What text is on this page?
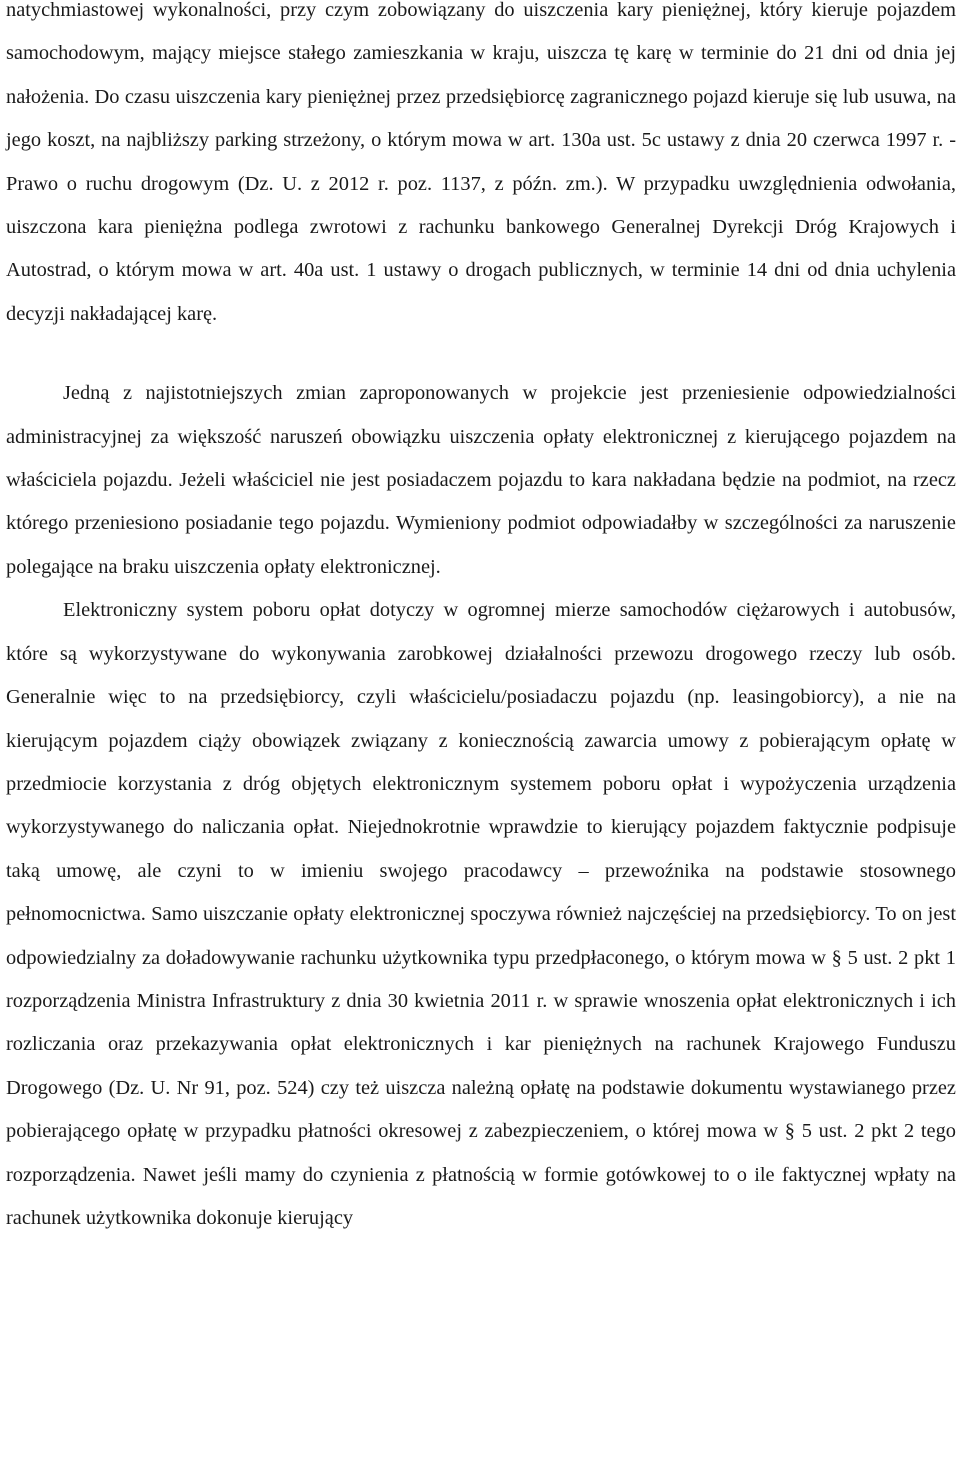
natychmiastowej wykonalności, przy czym zobowiązany do uiszczenia kary pieniężnej, który kieruje pojazdem samochodowym, mający miejsce stałego zamieszkania w kraju, uiszcza tę karę w terminie do 21 dni od dnia jej nałożenia. Do czasu uiszczenia kary pieniężnej przez przedsiębiorcę zagranicznego pojazd kieruje się lub usuwa, na jego koszt, na najbliższy parking strzeżony, o którym mowa w art. 130a ust. 5c ustawy z dnia 20 czerwca 1997 r. - Prawo o ruchu drogowym (Dz. U. z 2012 r. poz. 1137, z późn. zm.). W przypadku uwzględnienia odwołania, uiszczona kara pieniężna podlega zwrotowi z rachunku bankowego Generalnej Dyrekcji Dróg Krajowych i Autostrad, o którym mowa w art. 40a ust. 1 ustawy o drogach publicznych, w terminie 14 dni od dnia uchylenia decyzji nakładającej karę.

Jedną z najistotniejszych zmian zaproponowanych w projekcie jest przeniesienie odpowiedzialności administracyjnej za większość naruszeń obowiązku uiszczenia opłaty elektronicznej z kierującego pojazdem na właściciela pojazdu. Jeżeli właściciel nie jest posiadaczem pojazdu to kara nakładana będzie na podmiot, na rzecz którego przeniesiono posiadanie tego pojazdu. Wymieniony podmiot odpowiadałby w szczególności za naruszenie polegające na braku uiszczenia opłaty elektronicznej.

Elektroniczny system poboru opłat dotyczy w ogromnej mierze samochodów ciężarowych i autobusów, które są wykorzystywane do wykonywania zarobkowej działalności przewozu drogowego rzeczy lub osób. Generalnie więc to na przedsiębiorcy, czyli właścicielu/posiadaczu pojazdu (np. leasingobiorcy), a nie na kierującym pojazdem ciąży obowiązek związany z koniecznością zawarcia umowy z pobierającym opłatę w przedmiocie korzystania z dróg objętych elektronicznym systemem poboru opłat i wypożyczenia urządzenia wykorzystywanego do naliczania opłat. Niejednokrotnie wprawdzie to kierujący pojazdem faktycznie podpisuje taką umowę, ale czyni to w imieniu swojego pracodawcy – przewoźnika na podstawie stosownego pełnomocnictwa. Samo uiszczanie opłaty elektronicznej spoczywa również najczęściej na przedsiębiorcy. To on jest odpowiedzialny za doładowywanie rachunku użytkownika typu przedpłaconego, o którym mowa w § 5 ust. 2 pkt 1 rozporządzenia Ministra Infrastruktury z dnia 30 kwietnia 2011 r. w sprawie wnoszenia opłat elektronicznych i ich rozliczania oraz przekazywania opłat elektronicznych i kar pieniężnych na rachunek Krajowego Funduszu Drogowego (Dz. U. Nr 91, poz. 524) czy też uiszcza należną opłatę na podstawie dokumentu wystawianego przez pobierającego opłatę w przypadku płatności okresowej z zabezpieczeniem, o której mowa w § 5 ust. 2 pkt 2 tego rozporządzenia. Nawet jeśli mamy do czynienia z płatnością w formie gotówkowej to o ile faktycznej wpłaty na rachunek użytkownika dokonuje kierujący
